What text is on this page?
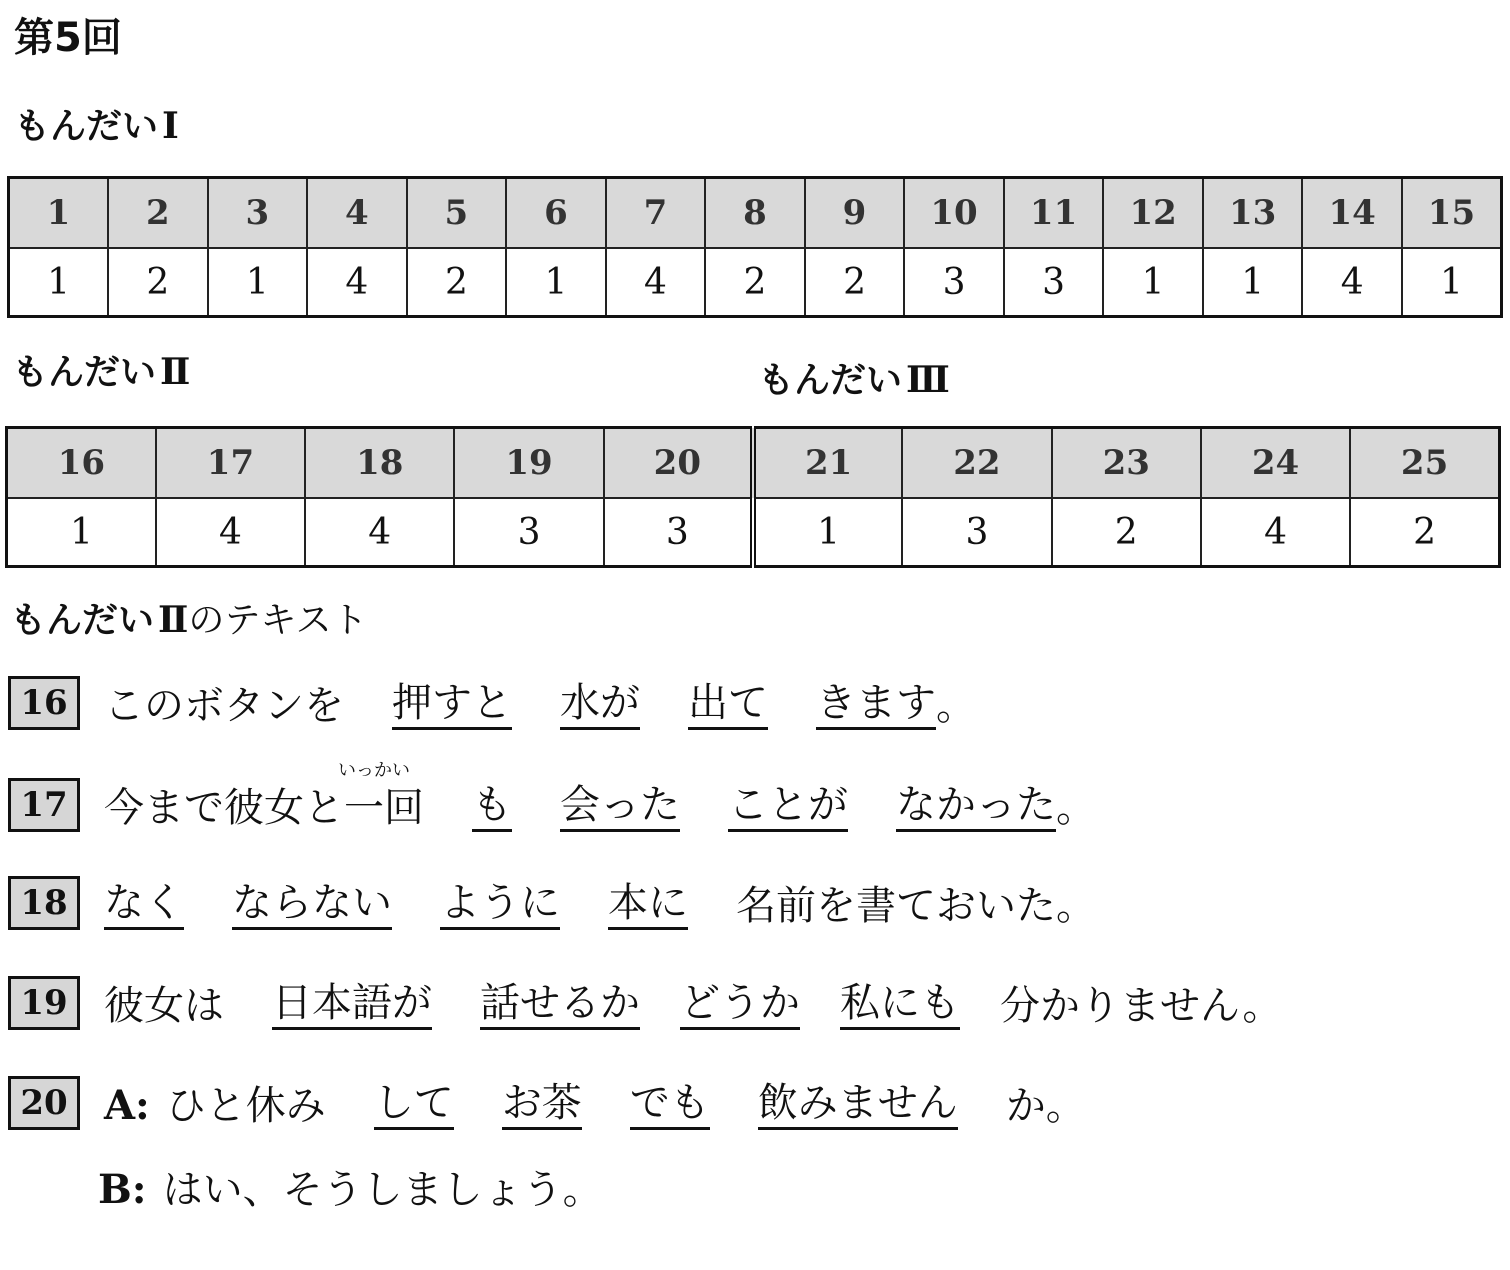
第5回
もんだい Ⅰ
1	2	3	4	5	6	7	8	9	10	11	12	13	14	15
1	2	1	4	2	1	4	2	2	3	3	1	1	4	1
もんだい Ⅱ	もんだい Ⅲ
16	17	18	19	20	21	22	23	24	25
1	4	4	3	3	1	3	2	4	2
もんだい Ⅱのテキスト
16 このボタンを 押すと 水が 出て きます 。
17 今まで彼女と
いっかい
一回 も 会った ことが なかった 。
18 なく ならない ように 本に 名前を書ておいた。
19 彼女は 日本語が 話せるか どうか 私にも 分かりません。
20 A: ひと休み して お茶 でも 飲みません か。
B: はい、そうしましょう。
